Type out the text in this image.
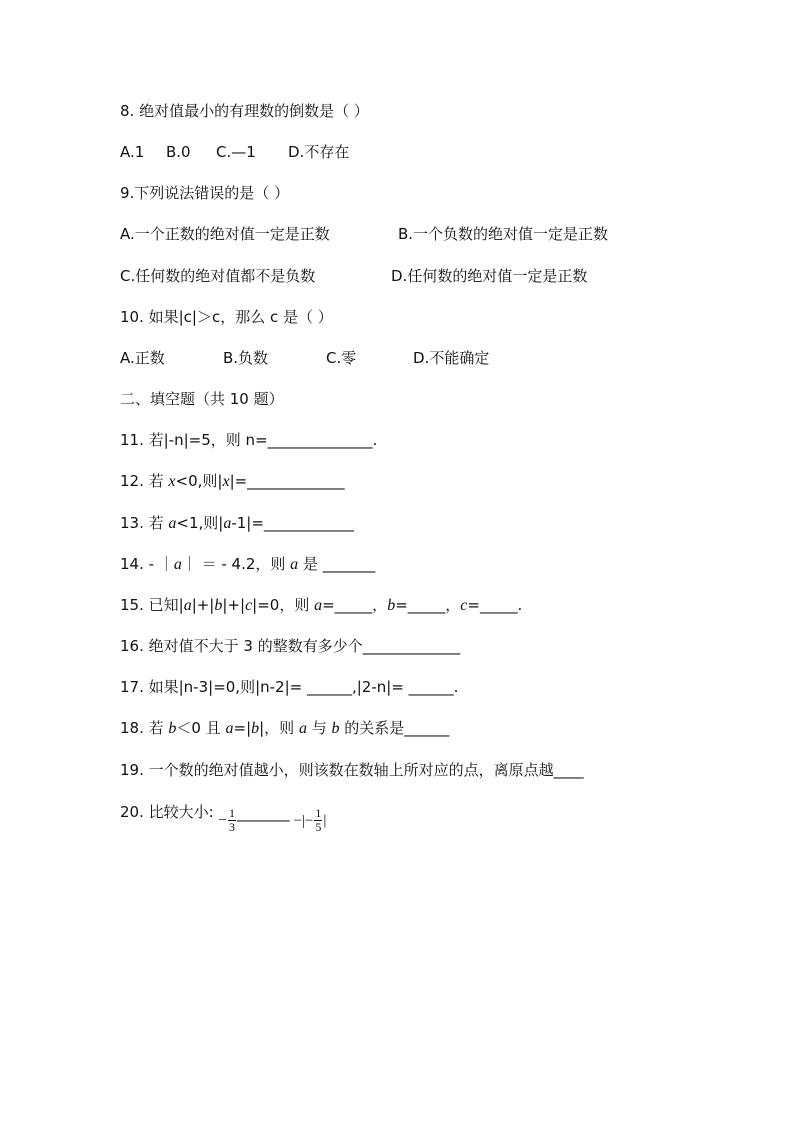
8. 绝对值最小的有理数的倒数是（ ）
A.1 B.0 C.—1 D.不存在
9.下列说法错误的是（ ）
A.一个正数的绝对值一定是正数	B.一个负数的绝对值一定是正数
C.任何数的绝对值都不是负数	D.任何数的绝对值一定是正数
10. 如果|c|＞c，那么 c 是（ ）
A.正数	B.负数	C.零	D.不能确定
二、填空题（共 10 题）
11. 若|-n|=5，则 n=______________.
12. 若 x<0,则|x|=_____________
13. 若 a<1,则|a-1|=____________
14. - ｜a｜ ＝ - 4.2，则 a 是 _______
15. 已知|a|+|b|+|c|=0，则 a=_____，b=_____，c=_____.
16. 绝对值不大于 3 的整数有多少个_____________
17. 如果|n-3|=0,则|n-2|= ______,|2-n|= ______.
18. 若 b＜0 且 a=|b|，则 a 与 b 的关系是______
19. 一个数的绝对值越小，则该数在数轴上所对应的点，离原点越____
20. 比较大小: − $\frac{1}{3}$ _______ −|− $\frac{1}{5}$ |
